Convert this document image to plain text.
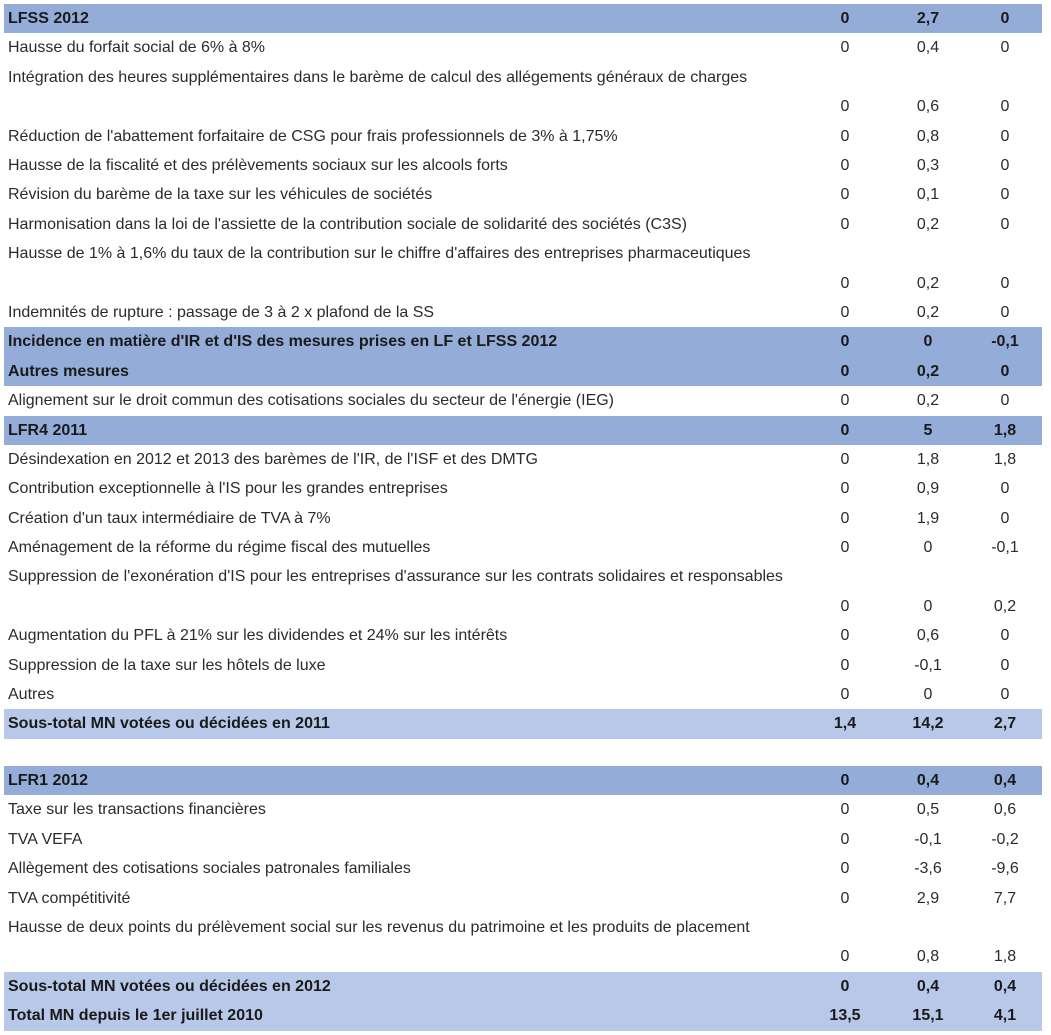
LFSS 2012	0	2,7	0
Hausse du forfait social de 6% à 8%	0	0,4	0
Intégration des heures supplémentaires dans le barème de calcul des allégements généraux de charges
0	0,6	0
Réduction de l'abattement forfaitaire de CSG pour frais professionnels de 3% à 1,75%	0	0,8	0
Hausse de la fiscalité et des prélèvements sociaux sur les alcools forts	0	0,3	0
Révision du barème de la taxe sur les véhicules de sociétés	0	0,1	0
Harmonisation dans la loi de l'assiette de la contribution sociale de solidarité des sociétés (C3S)	0	0,2	0
Hausse de 1% à 1,6% du taux de la contribution sur le chiffre d'affaires des entreprises pharmaceutiques
0	0,2	0
Indemnités de rupture : passage de 3 à 2 x plafond de la SS	0	0,2	0
Incidence en matière d'IR et d'IS des mesures prises en LF et LFSS 2012	0	0	-0,1
Autres mesures	0	0,2	0
Alignement sur le droit commun des cotisations sociales du secteur de l'énergie (IEG)	0	0,2	0
LFR4 2011	0	5	1,8
Désindexation en 2012 et 2013 des barèmes de l'IR, de l'ISF et des DMTG	0	1,8	1,8
Contribution exceptionnelle à l'IS pour les grandes entreprises	0	0,9	0
Création d'un taux intermédiaire de TVA à 7%	0	1,9	0
Aménagement de la réforme du régime fiscal des mutuelles	0	0	-0,1
Suppression de l'exonération d'IS pour les entreprises d'assurance sur les contrats solidaires et responsables
0	0	0,2
Augmentation du PFL à 21% sur les dividendes et 24% sur les intérêts	0	0,6	0
Suppression de la taxe sur les hôtels de luxe	0	-0,1	0
Autres	0	0	0
Sous-total MN votées ou décidées en 2011	1,4	14,2	2,7
LFR1 2012	0	0,4	0,4
Taxe sur les transactions financières	0	0,5	0,6
TVA VEFA	0	-0,1	-0,2
Allègement des cotisations sociales patronales familiales	0	-3,6	-9,6
TVA compétitivité	0	2,9	7,7
Hausse de deux points du prélèvement social sur les revenus du patrimoine et les produits de placement
0	0,8	1,8
Sous-total MN votées ou décidées en 2012	0	0,4	0,4
Total MN depuis le 1er juillet 2010	13,5	15,1	4,1
